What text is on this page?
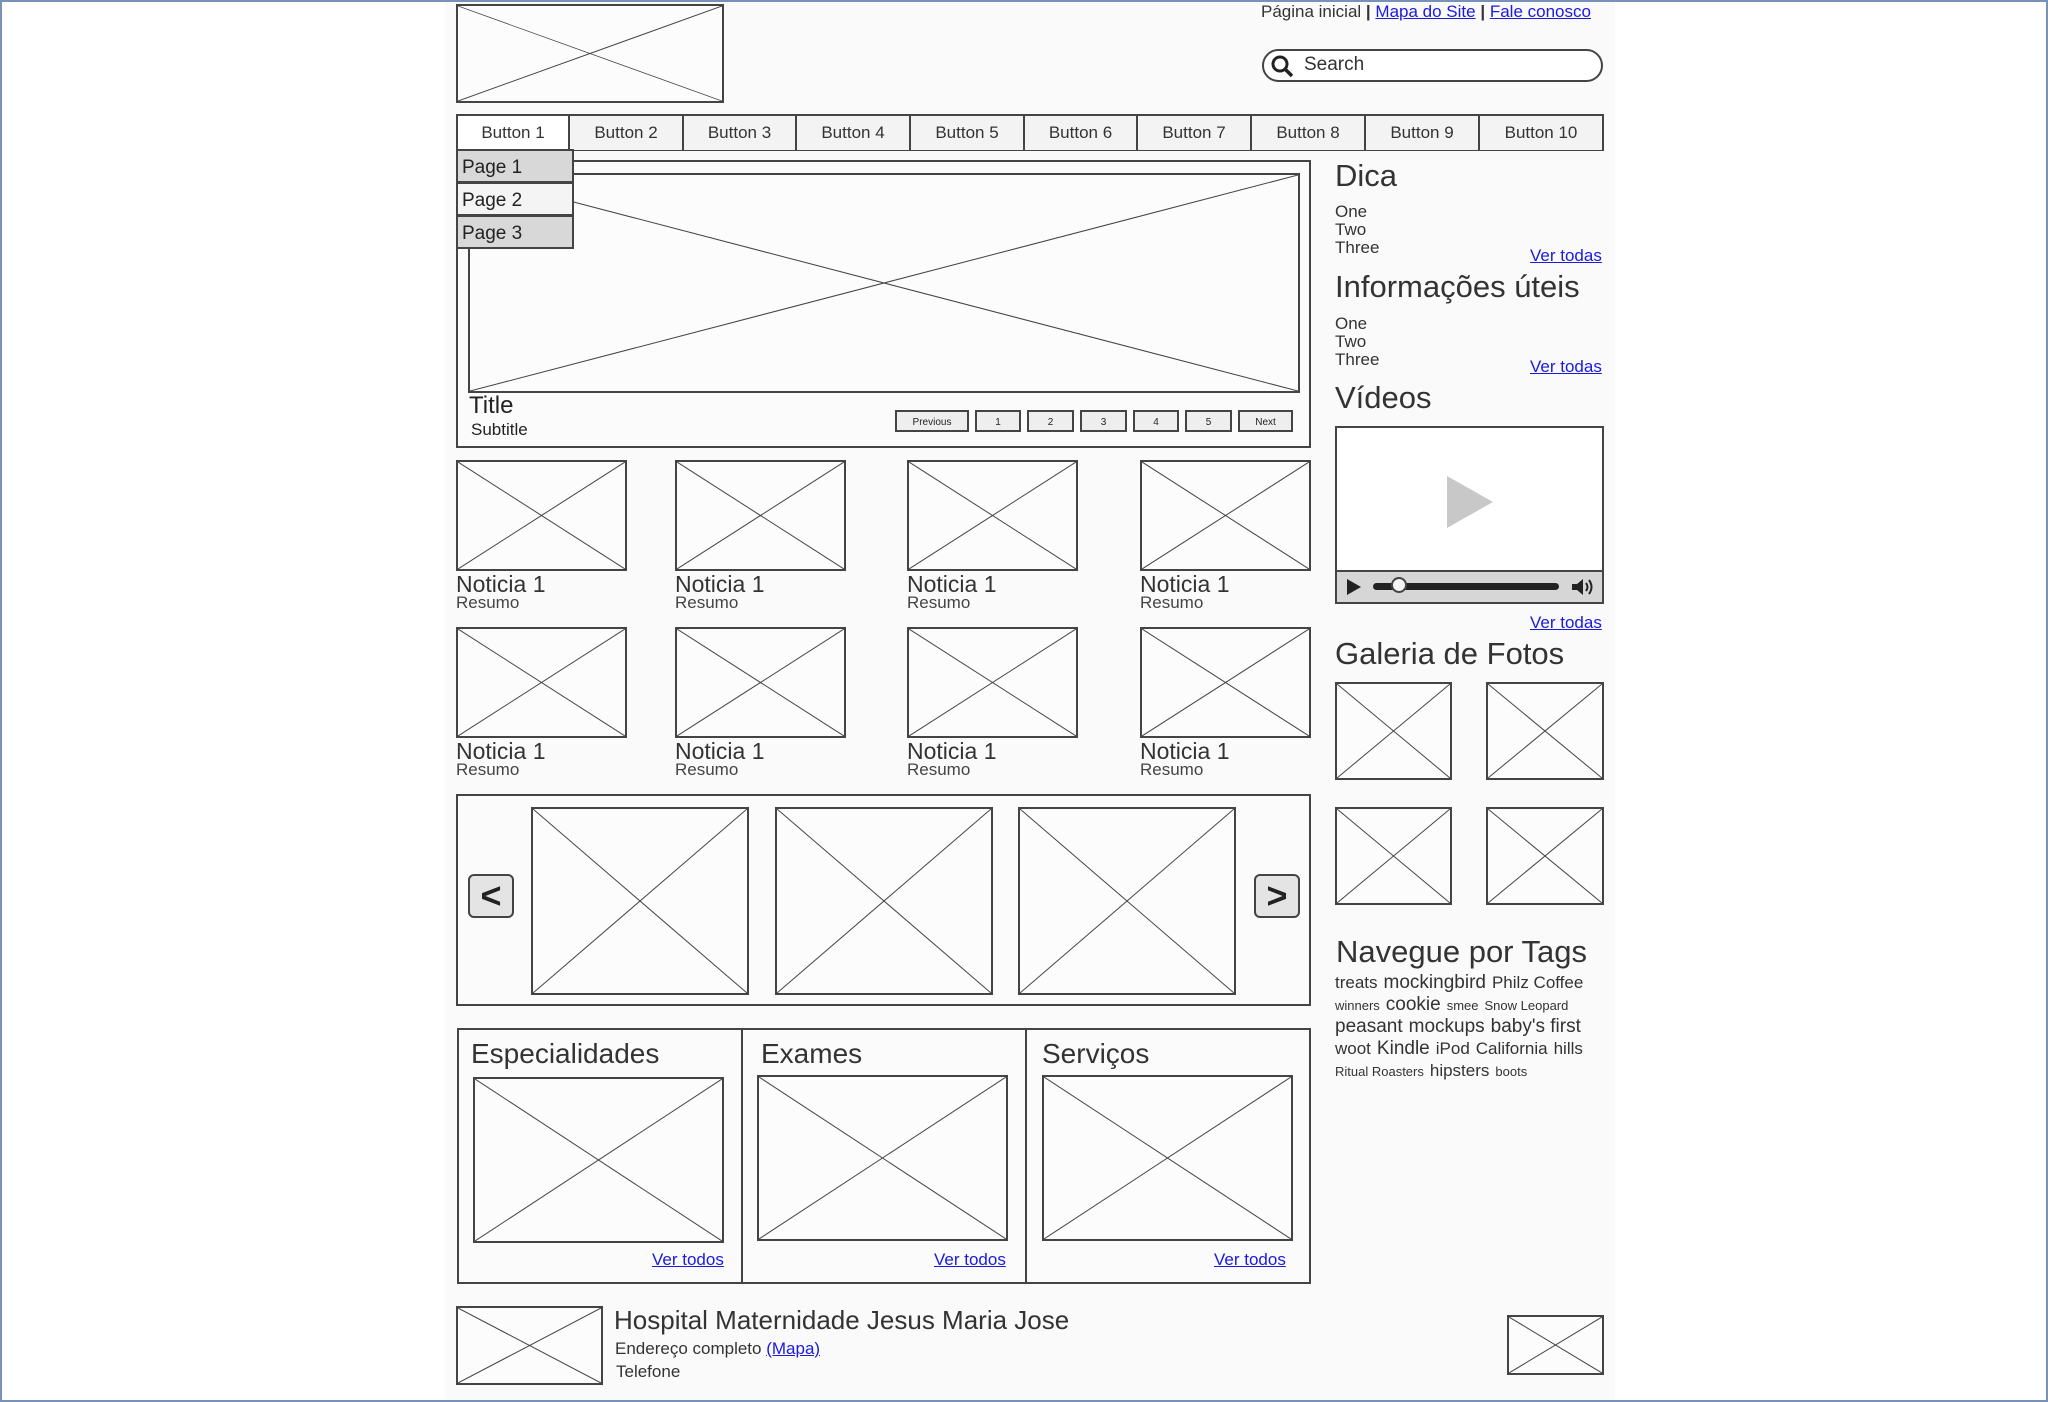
Página inicial | Mapa do Site | Fale conosco
Search
Button 1	Button 2	Button 3	Button 4	Button 5	Button 6	Button 7	Button 8	Button 9	Button 10
Title
Subtitle	Previous	1	2	3	4	5	Next
Page 1
Page 2
Page 3
Noticia 1
Resumo
Noticia 1
Resumo
Noticia 1
Resumo
Noticia 1
Resumo
Noticia 1
Resumo
Noticia 1
Resumo
Noticia 1
Resumo
Noticia 1
Resumo
<	>
Especialidades
Ver todos
Exames
Ver todos
Serviços
Ver todos
Hospital Maternidade Jesus Maria Jose
Endereço completo (Mapa)
Telefone
Dica
One
Two
Three	Ver todas
Informações úteis
One
Two
Three	Ver todas
Vídeos
Ver todas
Galeria de Fotos
Navegue por Tags
treats mockingbird Philz Coffeewinners cookie smee Snow Leopardpeasant mockups baby's firstwoot Kindle iPod California hillsRitual Roasters hipsters boots
